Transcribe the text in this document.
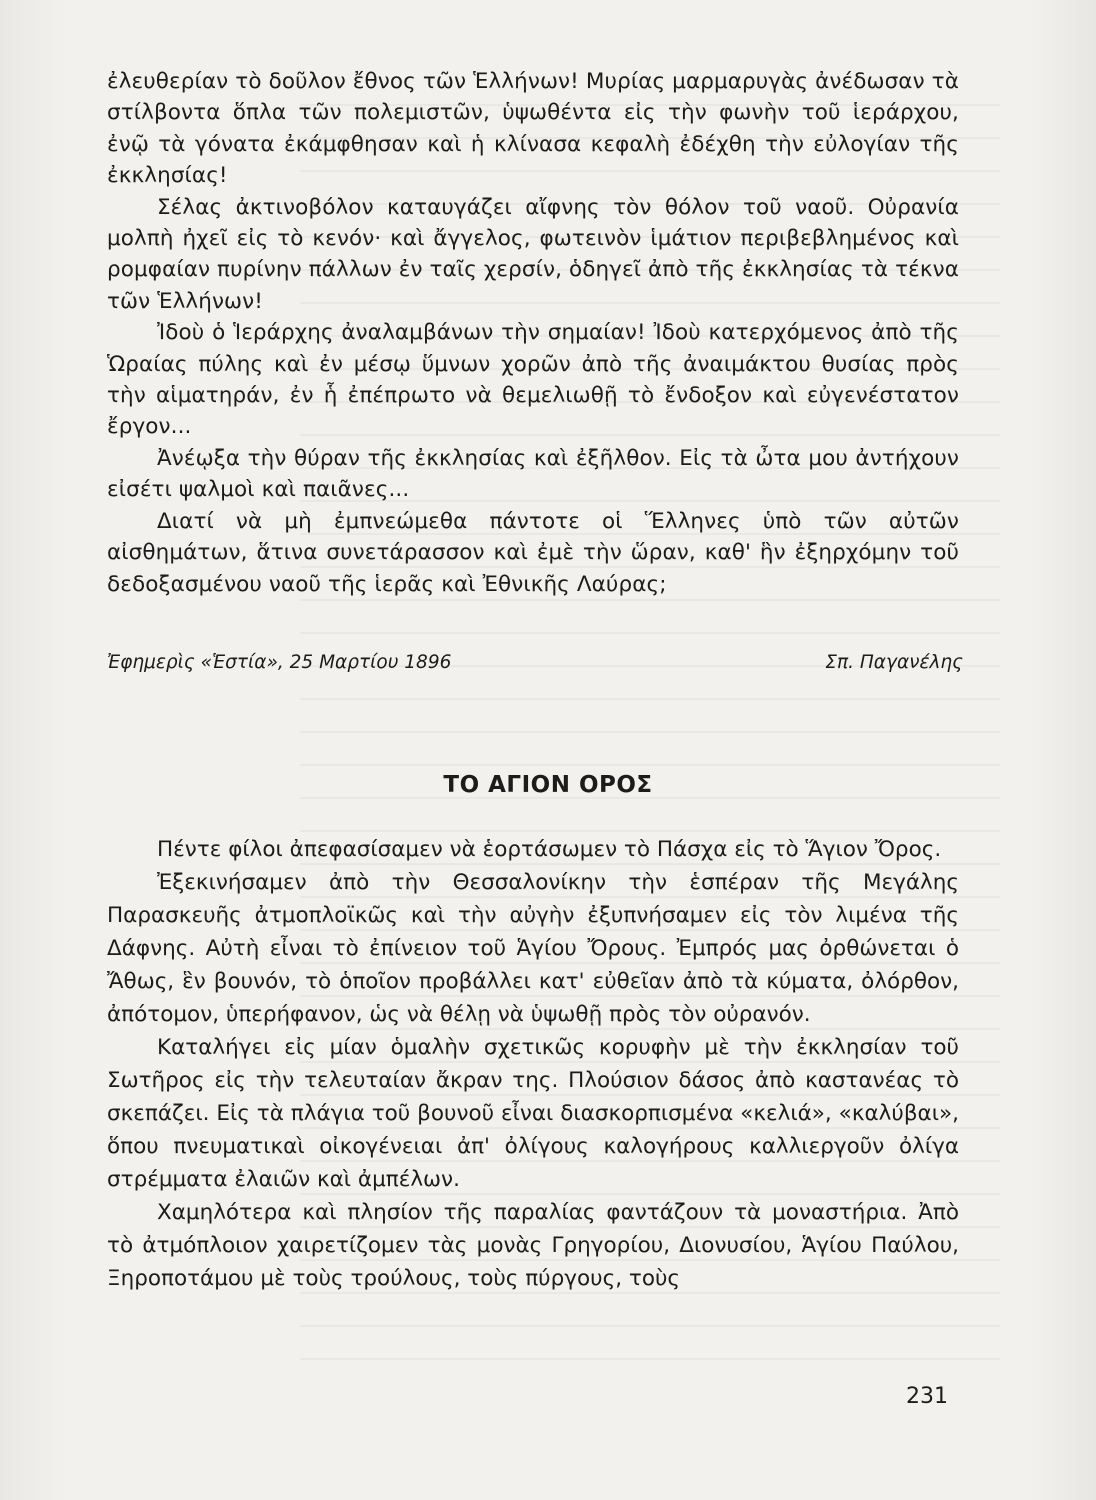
ἐλευθερίαν τὸ δοῦλον ἔθνος τῶν Ἑλλήνων! Μυρίας μαρμαρυγὰς ἀνέδωσαν τὰ στίλβοντα ὅπλα τῶν πολεμιστῶν, ὑψωθέντα εἰς τὴν φωνὴν τοῦ ἱεράρχου, ἐνῷ τὰ γόνατα ἐκάμφθησαν καὶ ἡ κλίνασα κεφαλὴ ἐδέχθη τὴν εὐλογίαν τῆς ἐκκλησίας!

Σέλας ἀκτινοβόλον καταυγάζει αἴφνης τὸν θόλον τοῦ ναοῦ. Οὐρανία μολπὴ ἠχεῖ εἰς τὸ κενόν· καὶ ἄγγελος, φωτεινὸν ἱμάτιον περιβεβλημένος καὶ ρομφαίαν πυρίνην πάλλων ἐν ταῖς χερσίν, ὁδηγεῖ ἀπὸ τῆς ἐκκλησίας τὰ τέκνα τῶν Ἑλλήνων!

Ἰδοὺ ὁ Ἱεράρχης ἀναλαμβάνων τὴν σημαίαν! Ἰδοὺ κατερχόμενος ἀπὸ τῆς Ὡραίας πύλης καὶ ἐν μέσῳ ὕμνων χορῶν ἀπὸ τῆς ἀναιμάκτου θυσίας πρὸς τὴν αἱματηράν, ἐν ἧ ἐπέπρωτο νὰ θεμελιωθῇ τὸ ἔνδοξον καὶ εὐγενέστατον ἔργον...

Ἀνέῳξα τὴν θύραν τῆς ἐκκλησίας καὶ ἐξῆλθον. Εἰς τὰ ὦτα μου ἀντήχουν εἰσέτι ψαλμοὶ καὶ παιᾶνες...

Διατί νὰ μὴ ἐμπνεώμεθα πάντοτε οἱ Ἕλληνες ὑπὸ τῶν αὐτῶν αἰσθημάτων, ἅτινα συνετάρασσον καὶ ἐμὲ τὴν ὥραν, καθ' ἣν ἐξηρχόμην τοῦ δεδοξασμένου ναοῦ τῆς ἱερᾶς καὶ Ἐθνικῆς Λαύρας;

Ἐφημερὶς «Ἑστία», 25 Μαρτίου 1896	Σπ. Παγανέλης
ΤΟ ΑΓΙΟΝ ΟΡΟΣ

Πέντε φίλοι ἀπεφασίσαμεν νὰ ἑορτάσωμεν τὸ Πάσχα εἰς τὸ Ἅγιον Ὄρος.

Ἐξεκινήσαμεν ἀπὸ τὴν Θεσσαλονίκην τὴν ἑσπέραν τῆς Μεγάλης Παρασκευῆς ἀτμοπλοϊκῶς καὶ τὴν αὐγὴν ἐξυπνήσαμεν εἰς τὸν λιμένα τῆς Δάφνης. Αὐτὴ εἶναι τὸ ἐπίνειον τοῦ Ἁγίου Ὄρους. Ἐμπρός μας ὀρθώνεται ὁ Ἄθως, ἓν βουνόν, τὸ ὁποῖον προβάλλει κατ' εὐθεῖαν ἀπὸ τὰ κύματα, ὀλόρθον, ἀπότομον, ὑπερήφανον, ὡς νὰ θέλῃ νὰ ὑψωθῇ πρὸς τὸν οὐρανόν.

Καταλήγει εἰς μίαν ὁμαλὴν σχετικῶς κορυφὴν μὲ τὴν ἐκκλησίαν τοῦ Σωτῆρος εἰς τὴν τελευταίαν ἄκραν της. Πλούσιον δάσος ἀπὸ καστανέας τὸ σκεπάζει. Εἰς τὰ πλάγια τοῦ βουνοῦ εἶναι διασκορπισμένα «κελιά», «καλύβαι», ὅπου πνευματικαὶ οἰκογένειαι ἀπ' ὀλίγους καλογήρους καλλιεργοῦν ὀλίγα στρέμματα ἐλαιῶν καὶ ἀμπέλων.

Χαμηλότερα καὶ πλησίον τῆς παραλίας φαντάζουν τὰ μοναστήρια. Ἀπὸ τὸ ἀτμόπλοιον χαιρετίζομεν τὰς μονὰς Γρηγορίου, Διονυσίου, Ἁγίου Παύλου, Ξηροποτάμου μὲ τοὺς τρούλους, τοὺς πύργους, τοὺς

231
